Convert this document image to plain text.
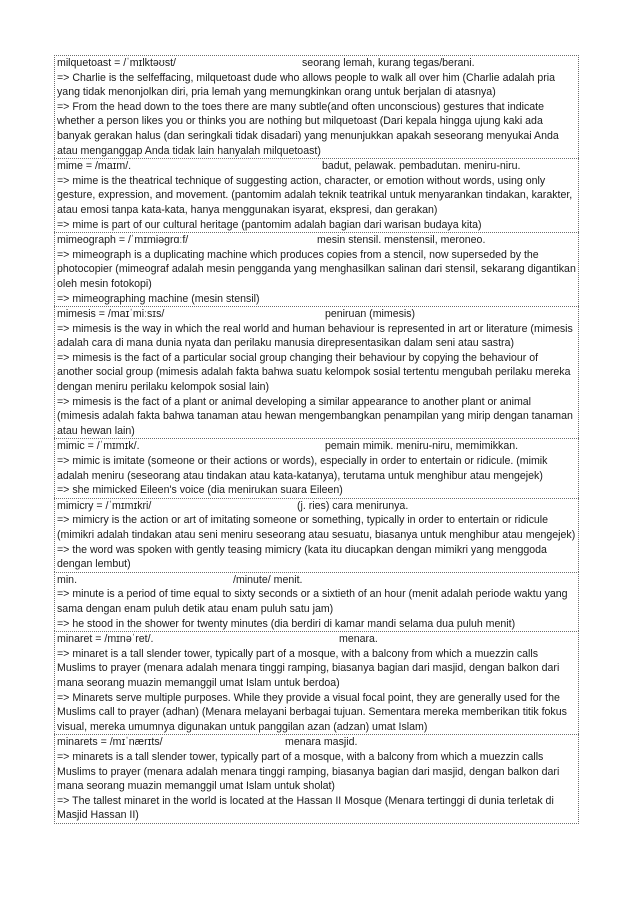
milquetoast = /ˈmɪlktəʊst/	seorang lemah, kurang tegas/berani.

=> Charlie is the selfeffacing, milquetoast dude who allows people to walk all over him (Charlie adalah pria yang tidak menonjolkan diri, pria lemah yang memungkinkan orang untuk berjalan di atasnya)

=> From the head down to the toes there are many subtle(and often unconscious) gestures that indicate whether a person likes you or thinks you are nothing but milquetoast (Dari kepala hingga ujung kaki ada banyak gerakan halus (dan seringkali tidak disadari) yang menunjukkan apakah seseorang menyukai Anda atau menganggap Anda tidak lain hanyalah milquetoast)

mime = /maɪm/.	badut, pelawak. pembadutan. meniru-niru.

=> mime is the theatrical technique of suggesting action, character, or emotion without words, using only gesture, expression, and movement. (pantomim adalah teknik teatrikal untuk menyarankan tindakan, karakter, atau emosi tanpa kata-kata, hanya menggunakan isyarat, ekspresi, dan gerakan)

=> mime is part of our cultural heritage (pantomim adalah bagian dari warisan budaya kita)

mimeograph = /ˈmɪmiəgrɑːf/	mesin stensil. menstensil, meroneo.

=> mimeograph is a duplicating machine which produces copies from a stencil, now superseded by the photocopier (mimeograf adalah mesin pengganda yang menghasilkan salinan dari stensil, sekarang digantikan oleh mesin fotokopi)

=> mimeographing machine (mesin stensil)

mimesis = /maɪˈmiːsɪs/	peniruan (mimesis)

=> mimesis is the way in which the real world and human behaviour is represented in art or literature (mimesis adalah cara di mana dunia nyata dan perilaku manusia direpresentasikan dalam seni atau sastra)

=> mimesis is the fact of a particular social group changing their behaviour by copying the behaviour of another social group (mimesis adalah fakta bahwa suatu kelompok sosial tertentu mengubah perilaku mereka dengan meniru perilaku kelompok sosial lain)

=> mimesis is the fact of a plant or animal developing a similar appearance to another plant or animal (mimesis adalah fakta bahwa tanaman atau hewan mengembangkan penampilan yang mirip dengan tanaman atau hewan lain)

mimic = /ˈmɪmɪk/.	pemain mimik. meniru-niru, memimikkan.

=> mimic is imitate (someone or their actions or words), especially in order to entertain or ridicule. (mimik adalah meniru (seseorang atau tindakan atau kata-katanya), terutama untuk menghibur atau mengejek)

=> she mimicked Eileen's voice (dia menirukan suara Eileen)

mimicry = /ˈmɪmɪkri/	(j. ries) cara menirunya.

=> mimicry is the action or art of imitating someone or something, typically in order to entertain or ridicule (mimikri adalah tindakan atau seni meniru seseorang atau sesuatu, biasanya untuk menghibur atau mengejek)

=> the word was spoken with gently teasing mimicry (kata itu diucapkan dengan mimikri yang menggoda dengan lembut)

min.	/minute/ menit.

=> minute is a period of time equal to sixty seconds or a sixtieth of an hour (menit adalah periode waktu yang sama dengan enam puluh detik atau enam puluh satu jam)

=> he stood in the shower for twenty minutes (dia berdiri di kamar mandi selama dua puluh menit)

minaret = /mɪnəˈret/.	menara.

=> minaret is a tall slender tower, typically part of a mosque, with a balcony from which a muezzin calls Muslims to prayer (menara adalah menara tinggi ramping, biasanya bagian dari masjid, dengan balkon dari mana seorang muazin memanggil umat Islam untuk berdoa)

=> Minarets serve multiple purposes. While they provide a visual focal point, they are generally used for the Muslims call to prayer (adhan) (Menara melayani berbagai tujuan. Sementara mereka memberikan titik fokus visual, mereka umumnya digunakan untuk panggilan azan (adzan) umat Islam)

minarets = /mɪˈnærɪts/	menara masjid.

=> minarets is a tall slender tower, typically part of a mosque, with a balcony from which a muezzin calls Muslims to prayer (menara adalah menara tinggi ramping, biasanya bagian dari masjid, dengan balkon dari mana seorang muazin memanggil umat Islam untuk sholat)

=> The tallest minaret in the world is located at the Hassan II Mosque (Menara tertinggi di dunia terletak di Masjid Hassan II)
